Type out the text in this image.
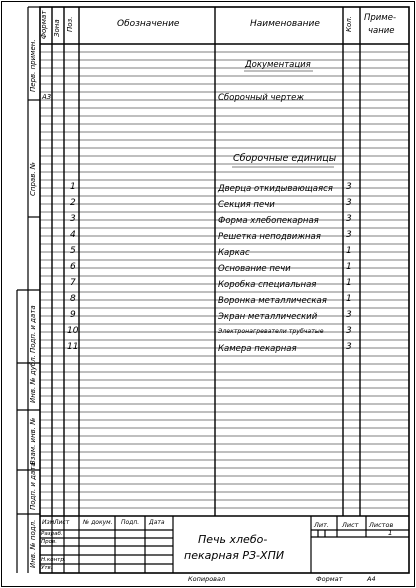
Формат Зона Поз.	Обозначение	Наименование	Кол. Приме-
чание
Перв. примен.
Справ. №
Подп. и дата
Инв. № дубл.
Взам. инв. №
Подп. и дата
Инв. № подл.
Документация
А3	Сборочный чертеж
Сборочные единицы
1	Дверца откидывающаяся 3
2	Секция печи	3
3	Форма хлебопекарная	3
4	Решетка неподвижная	3
5	Каркас	1
6	Основание печи	1
7	Коробка специальная	1
8	Воронка металлическая 1
9	Экран металлический	3
10	Электронагреватели трубчатые 3
11	Камера пекарная	3
Изм Лист № докум. Подп. Дата
Разраб.
Пров.
Н.контр.
Утв.
Печь хлебо-
пекарная РЗ-ХПИ
Лит. Лист Листов
1
Копировал	Формат	А4
